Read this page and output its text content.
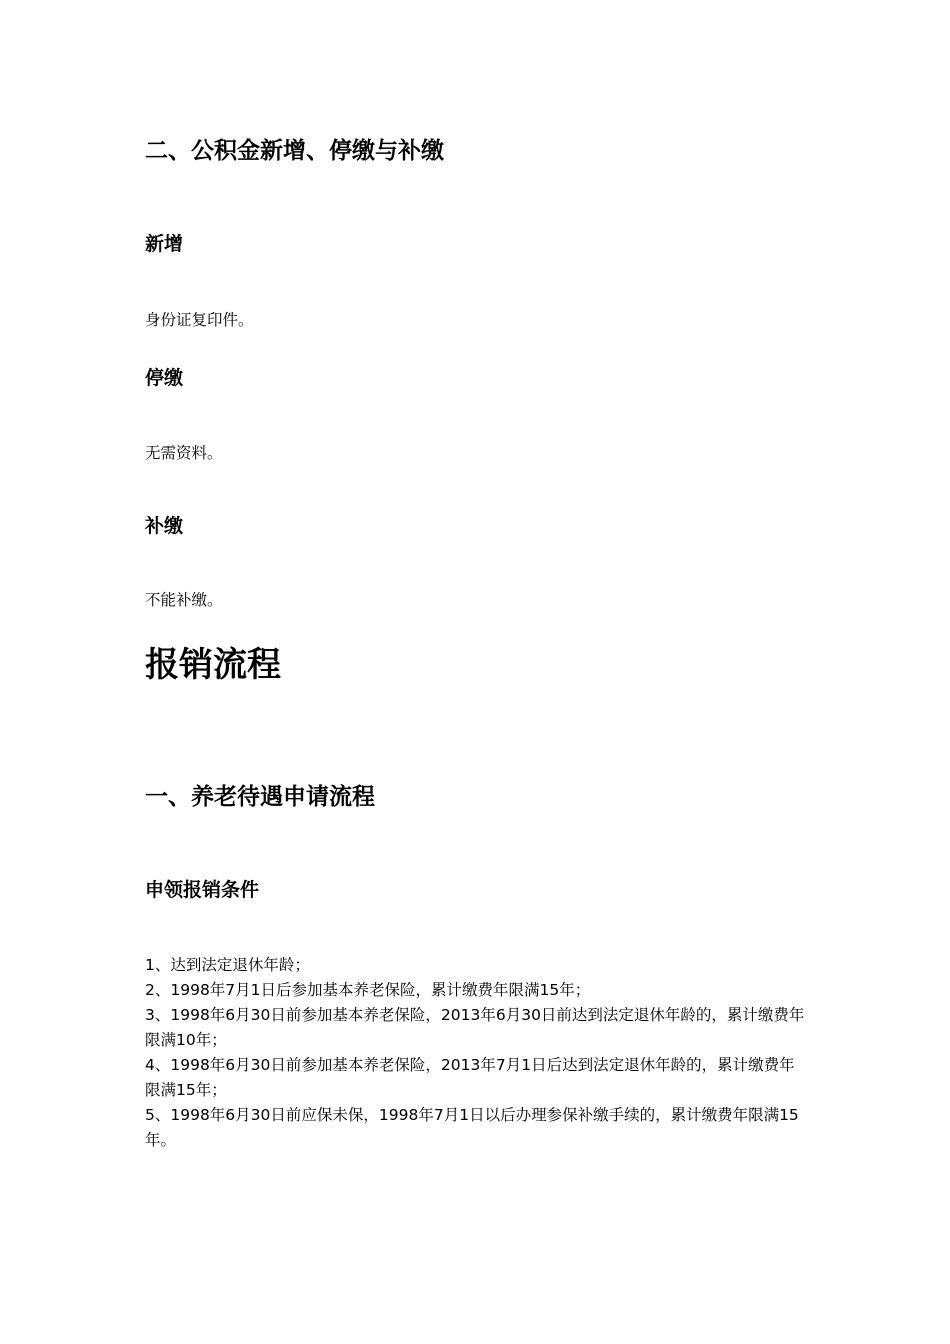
二、公积金新增、停缴与补缴
新增

身份证复印件。

停缴

无需资料。

补缴

不能补缴。

报销流程
一、养老待遇申请流程
申领报销条件
1、达到法定退休年龄；
2、1998年7月1日后参加基本养老保险，累计缴费年限满15年；
3、1998年6月30日前参加基本养老保险，2013年6月30日前达到法定退休年龄的，累计缴费年限满10年；
4、1998年6月30日前参加基本养老保险，2013年7月1日后达到法定退休年龄的，累计缴费年限满15年；
5、1998年6月30日前应保未保，1998年7月1日以后办理参保补缴手续的，累计缴费年限满15年。
